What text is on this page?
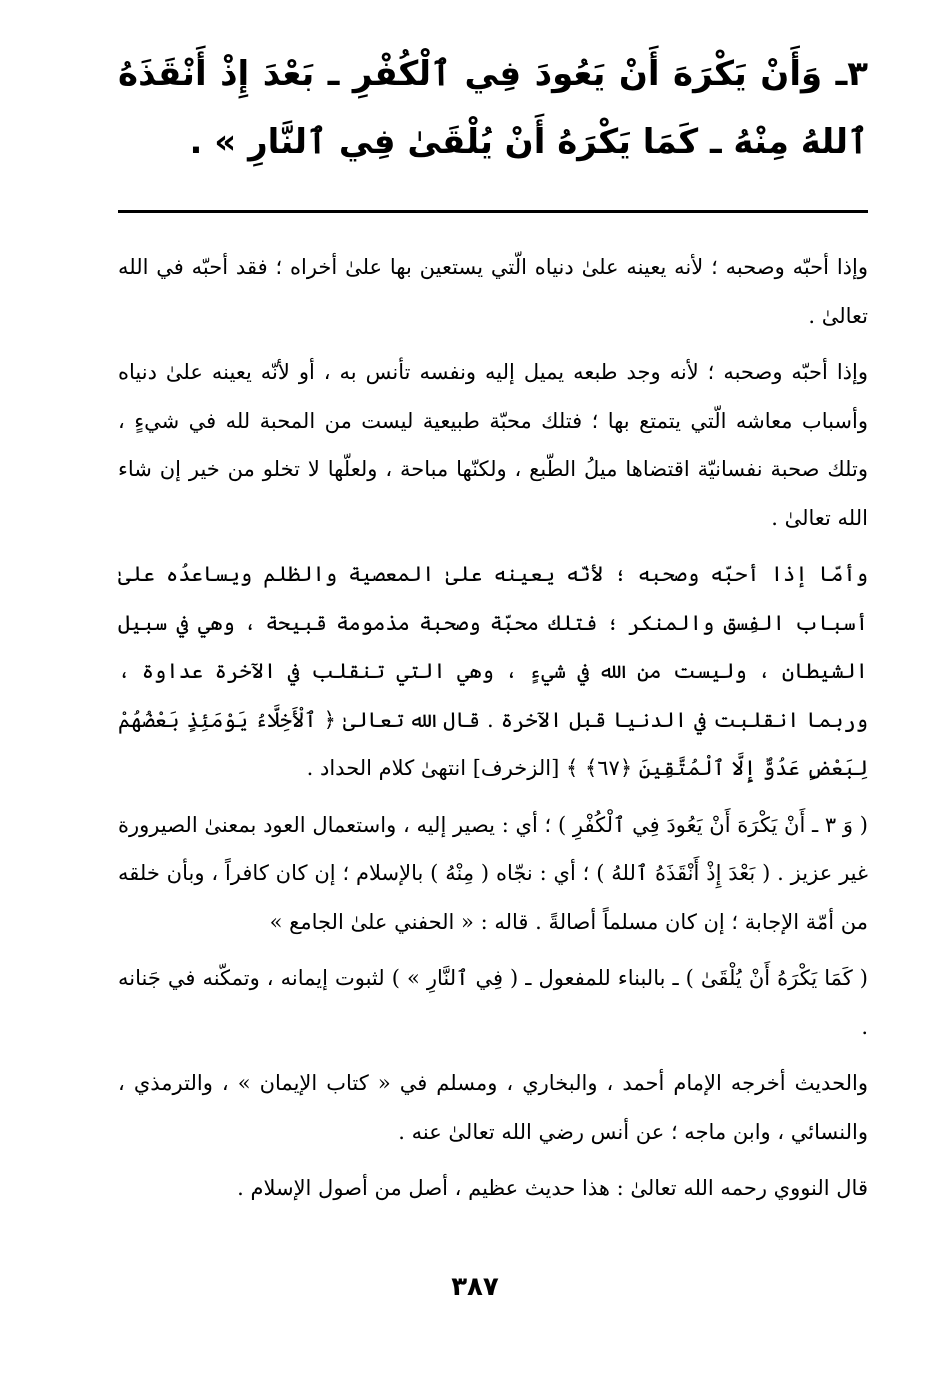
٣ـ وَأَنْ يَكْرَهَ أَنْ يَعُودَ فِي ٱلْكُفْرِ ـ بَعْدَ إِذْ أَنْقَذَهُ ٱللهُ مِنْهُ ـ كَمَا يَكْرَهُ أَنْ يُلْقَىٰ فِي ٱلنَّارِ » .

وإذا أحبّه وصحبه ؛ لأنه يعينه علىٰ دنياه الّتي يستعين بها علىٰ أخراه ؛ فقد أحبّه في الله تعالىٰ .

وإذا أحبّه وصحبه ؛ لأنه وجد طبعه يميل إليه ونفسه تأنس به ، أو لأنّه يعينه علىٰ دنياه وأسباب معاشه الّتي يتمتع بها ؛ فتلك محبّة طبيعية ليست من المحبة لله في شيءٍ ، وتلك صحبة نفسانيّة اقتضاها ميلُ الطّبع ، ولكنّها مباحة ، ولعلّها لا تخلو من خير إن شاء الله تعالىٰ .

وأمّا إذا أحبّه وصحبه ؛ لأنّه يعينه علىٰ المعصية والظلم ويساعدُه علىٰ أسباب الفِسق والمنكر ؛ فتلك محبّة وصحبة مذمومة قبيحة ، وهي في سبيل الشيطان ، وليست من الله في شيءٍ ، وهي التي تنقلب في الآخرة عداوة ، وربما انقلبت في الدنيا قبل الآخرة . قال الله تعالىٰ ﴿ ٱلْأَخِلَّاءُ يَوْمَئِذٍ بَعْضُهُمْ لِبَعْضٍ عَدُوٌّ إِلَّا ٱلْمُتَّقِينَ ﴿٦٧﴾ ﴾ [الزخرف] انتهىٰ كلام الحداد .

( وَ ٣ ـ أَنْ يَكْرَهَ أَنْ يَعُودَ فِي ٱلْكُفْرِ ) ؛ أي : يصير إليه ، واستعمال العود بمعنىٰ الصيرورة غير عزيز . ( بَعْدَ إِذْ أَنْقَذَهُ ٱللهُ ) ؛ أي : نجّاه ( مِنْهُ ) بالإسلام ؛ إن كان كافراً ، وبأن خلقه من أمّة الإجابة ؛ إن كان مسلماً أصالةً . قاله : « الحفني علىٰ الجامع »

( كَمَا يَكْرَهُ أَنْ يُلْقَىٰ ) ـ بالبناء للمفعول ـ ( فِي ٱلنَّارِ » ) لثبوت إيمانه ، وتمكّنه في جَنانه .

والحديث أخرجه الإمام أحمد ، والبخاري ، ومسلم في « كتاب الإيمان » ، والترمذي ، والنسائي ، وابن ماجه ؛ عن أنس رضي الله تعالىٰ عنه .

قال النووي رحمه الله تعالىٰ : هذا حديث عظيم ، أصل من أصول الإسلام .

٣٨٧
